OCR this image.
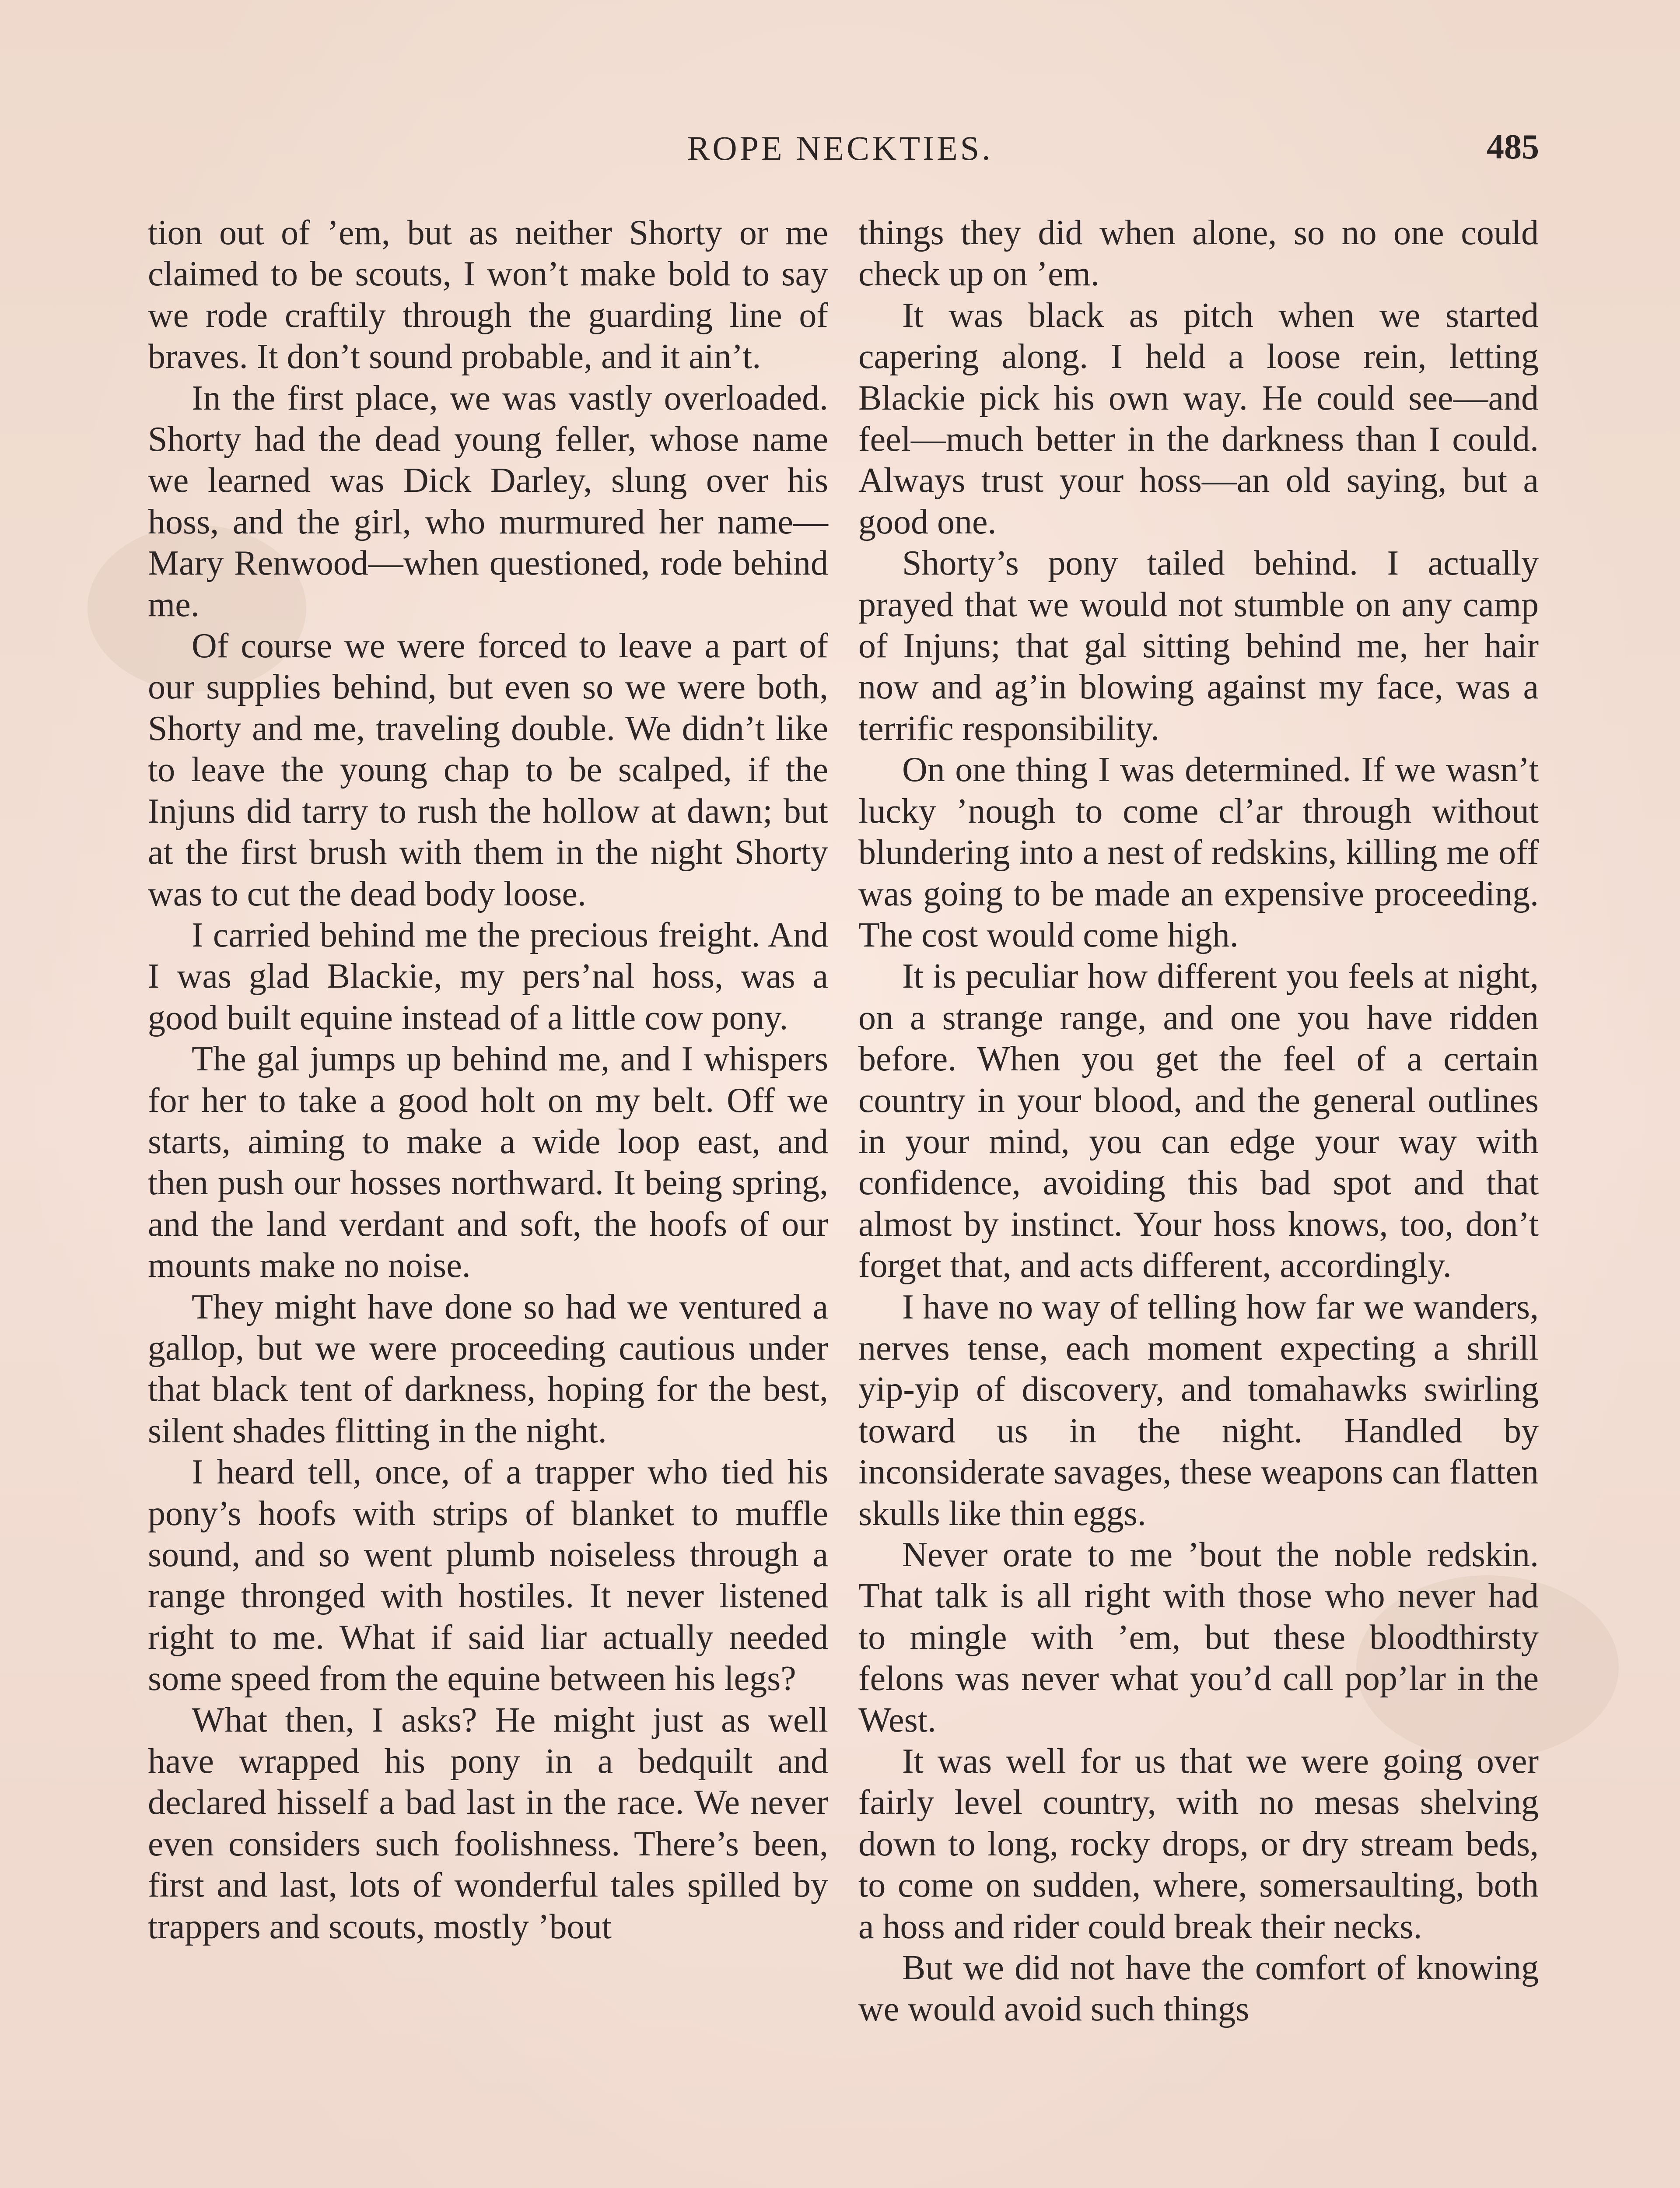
ROPE NECKTIES.	485

tion out of ’em, but as neither Shorty or me claimed to be scouts, I won’t make bold to say we rode craftily through the guarding line of braves. It don’t sound probable, and it ain’t.

In the first place, we was vastly overloaded. Shorty had the dead young feller, whose name we learned was Dick Darley, slung over his hoss, and the girl, who murmured her name—Mary Renwood—when questioned, rode behind me.

Of course we were forced to leave a part of our supplies behind, but even so we were both, Shorty and me, traveling double. We didn’t like to leave the young chap to be scalped, if the Injuns did tarry to rush the hollow at dawn; but at the first brush with them in the night Shorty was to cut the dead body loose.

I carried behind me the precious freight. And I was glad Blackie, my pers’nal hoss, was a good built equine instead of a little cow pony.

The gal jumps up behind me, and I whispers for her to take a good holt on my belt. Off we starts, aiming to make a wide loop east, and then push our hosses northward. It being spring, and the land verdant and soft, the hoofs of our mounts make no noise.

They might have done so had we ventured a gallop, but we were proceeding cautious under that black tent of darkness, hoping for the best, silent shades flitting in the night.

I heard tell, once, of a trapper who tied his pony’s hoofs with strips of blanket to muffle sound, and so went plumb noiseless through a range thronged with hostiles. It never listened right to me. What if said liar actually needed some speed from the equine between his legs?

What then, I asks? He might just as well have wrapped his pony in a bedquilt and declared hisself a bad last in the race. We never even considers such foolishness. There’s been, first and last, lots of wonderful tales spilled by trappers and scouts, mostly ’bout

things they did when alone, so no one could check up on ’em.

It was black as pitch when we started capering along. I held a loose rein, letting Blackie pick his own way. He could see—and feel—much better in the darkness than I could. Always trust your hoss—an old saying, but a good one.

Shorty’s pony tailed behind. I actually prayed that we would not stumble on any camp of Injuns; that gal sitting behind me, her hair now and ag’in blowing against my face, was a terrific responsibility.

On one thing I was determined. If we wasn’t lucky ’nough to come cl’ar through without blundering into a nest of redskins, killing me off was going to be made an expensive proceeding. The cost would come high.

It is peculiar how different you feels at night, on a strange range, and one you have ridden before. When you get the feel of a certain country in your blood, and the general outlines in your mind, you can edge your way with confidence, avoiding this bad spot and that almost by instinct. Your hoss knows, too, don’t forget that, and acts different, accordingly.

I have no way of telling how far we wanders, nerves tense, each moment expecting a shrill yip-yip of discovery, and tomahawks swirling toward us in the night. Handled by inconsiderate savages, these weapons can flatten skulls like thin eggs.

Never orate to me ’bout the noble redskin. That talk is all right with those who never had to mingle with ’em, but these bloodthirsty felons was never what you’d call pop’lar in the West.

It was well for us that we were going over fairly level country, with no mesas shelving down to long, rocky drops, or dry stream beds, to come on sudden, where, somersaulting, both a hoss and rider could break their necks.

But we did not have the comfort of knowing we would avoid such things
